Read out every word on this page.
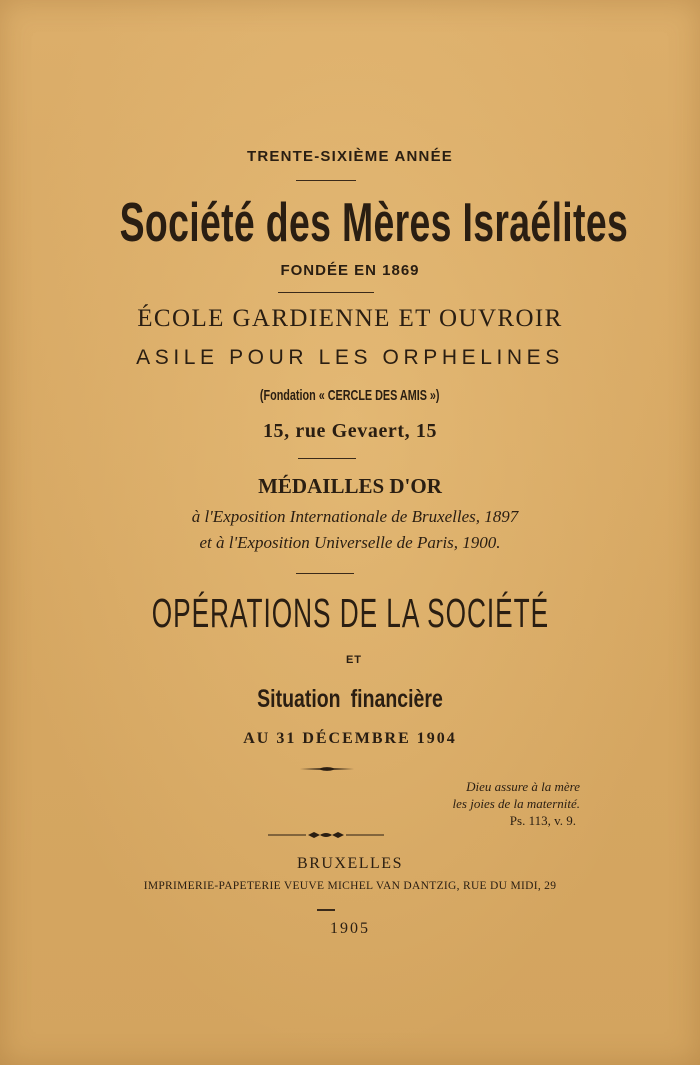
TRENTE-SIXIÈME ANNÉE
Société des Mères Israélites
FONDÉE EN 1869
ÉCOLE GARDIENNE ET OUVROIR
ASILE POUR LES ORPHELINES
(Fondation « CERCLE DES AMIS »)
15, rue Gevaert, 15
MÉDAILLES D'OR
à l'Exposition Internationale de Bruxelles, 1897
et à l'Exposition Universelle de Paris, 1900.
OPÉRATIONS DE LA SOCIÉTÉ
ET
Situation financière
AU 31 DÉCEMBRE 1904
Dieu assure à la mère
les joies de la maternité.
Ps. 113, v. 9.
BRUXELLES
IMPRIMERIE-PAPETERIE VEUVE MICHEL VAN DANTZIG, RUE DU MIDI, 29
1905
